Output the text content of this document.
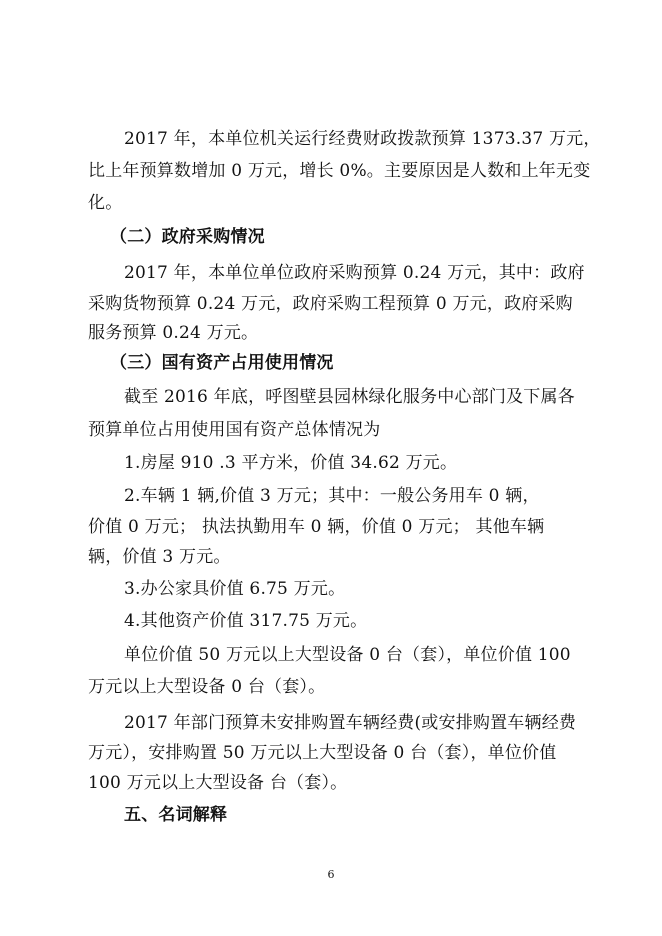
2017 年，本单位机关运行经费财政拨款预算 1373.37 万元，
比上年预算数增加 0 万元，增长 0%。主要原因是人数和上年无变
化。
（二）政府采购情况
2017 年，本单位单位政府采购预算 0.24 万元，其中：政府
采购货物预算 0.24 万元，政府采购工程预算 0 万元，政府采购
服务预算 0.24 万元。
（三）国有资产占用使用情况
截至 2016 年底，呼图壁县园林绿化服务中心部门及下属各
预算单位占用使用国有资产总体情况为
1.房屋 910 .3 平方米，价值 34.62 万元。
2.车辆 1 辆,价值 3 万元；其中：一般公务用车 0 辆，
价值 0 万元； 执法执勤用车 0 辆，价值 0 万元； 其他车辆
辆，价值 3 万元。
3.办公家具价值 6.75 万元。
4.其他资产价值 317.75 万元。
单位价值 50 万元以上大型设备 0 台（套），单位价值 100
万元以上大型设备 0 台（套）。
2017 年部门预算未安排购置车辆经费(或安排购置车辆经费
万元），安排购置 50 万元以上大型设备 0 台（套），单位价值
100 万元以上大型设备 台（套）。
五、名词解释
6
